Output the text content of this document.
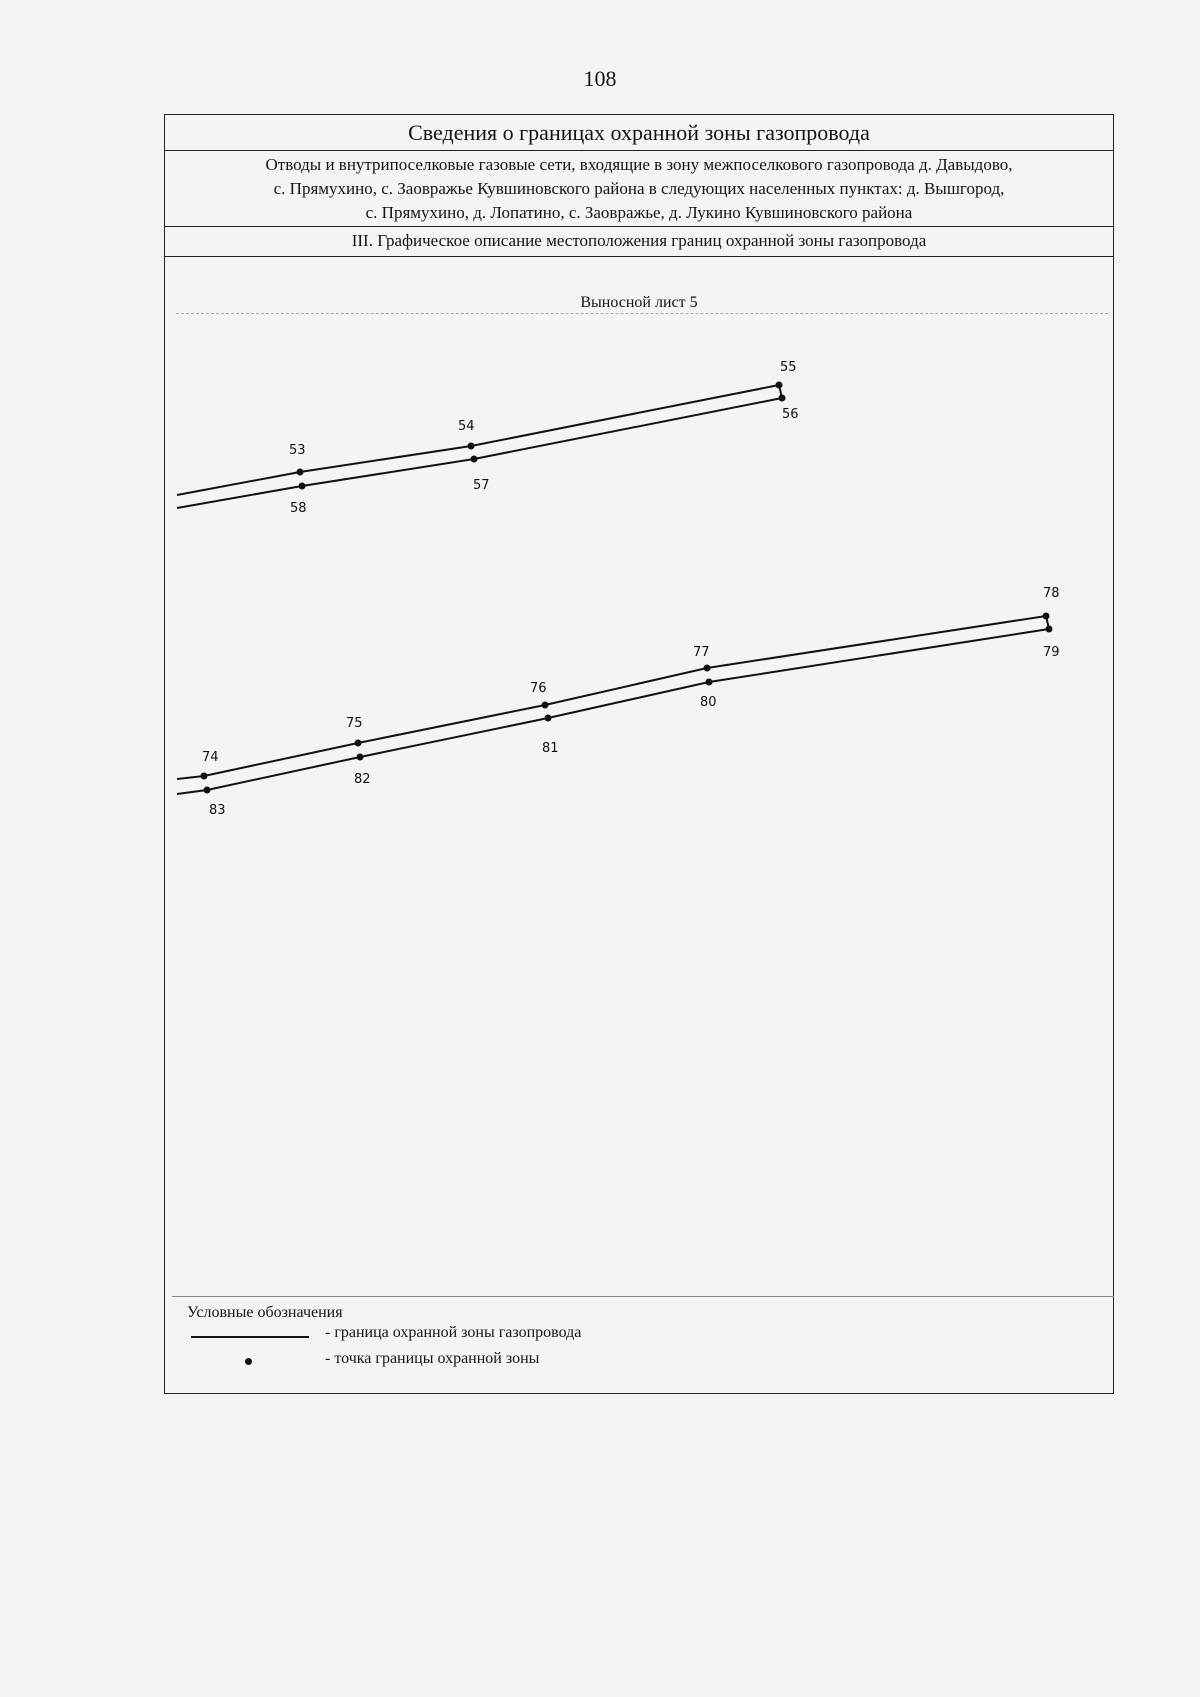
108
Сведения о границах охранной зоны газопровода
Отводы и внутрипоселковые газовые сети, входящие в зону межпоселкового газопровода д. Давыдово,
с. Прямухино, с. Заовражье Кувшиновского района в следующих населенных пунктах: д. Вышгород,
с. Прямухино, д. Лопатино, с. Заовражье, д. Лукино Кувшиновского района
III. Графическое описание местоположения границ охранной зоны газопровода
Выносной лист 5
53
54
55
58
57
56
74
75
76
77
78
83
82
81
80
79
Условные обозначения
- граница охранной зоны газопровода
- точка границы охранной зоны
